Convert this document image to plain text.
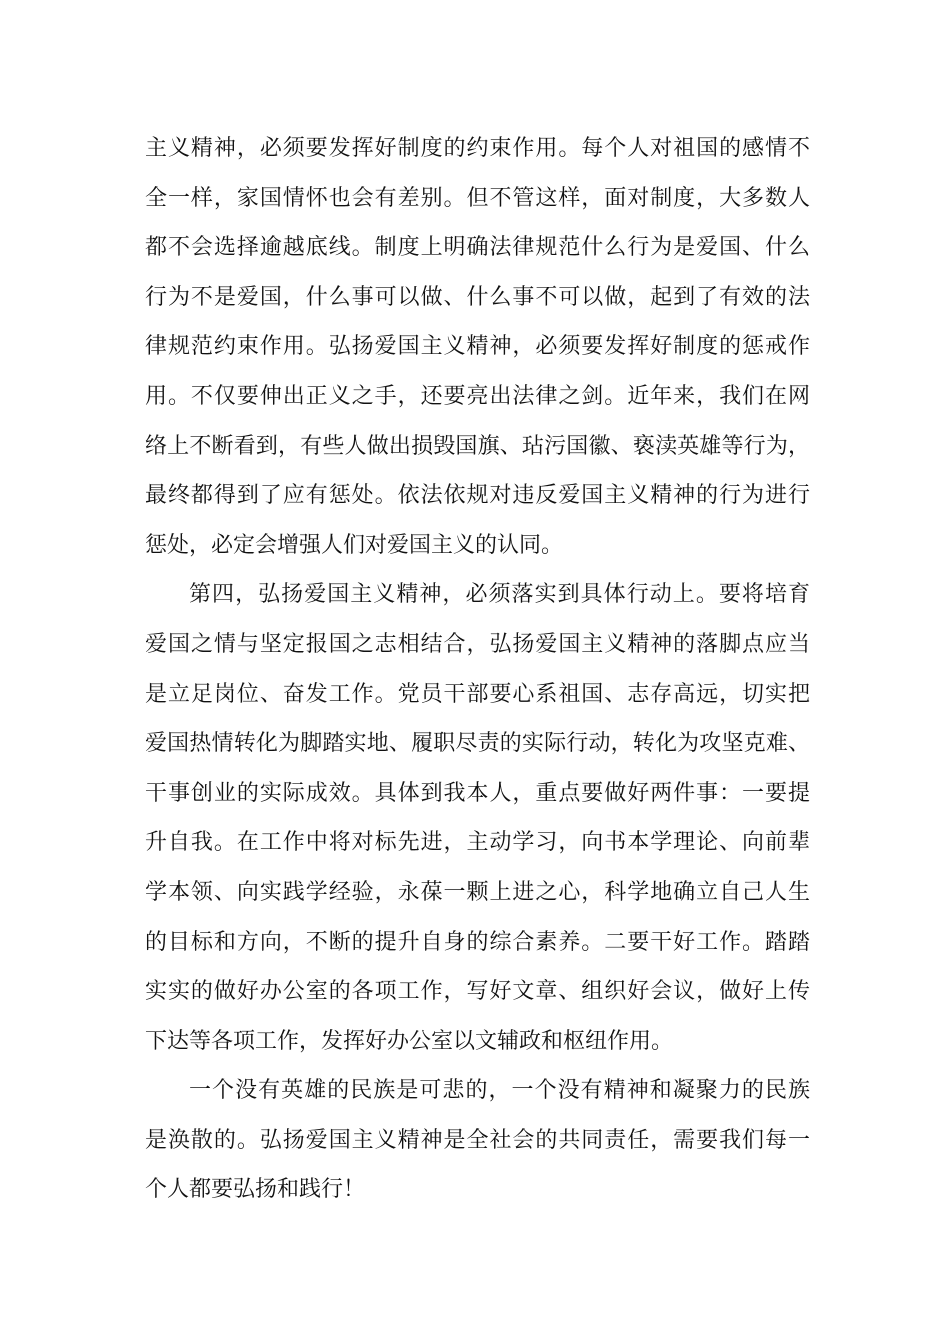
主义精神，必须要发挥好制度的约束作用。每个人对祖国的感情不
全一样，家国情怀也会有差别。但不管这样，面对制度，大多数人
都不会选择逾越底线。制度上明确法律规范什么行为是爱国、什么
行为不是爱国，什么事可以做、什么事不可以做，起到了有效的法
律规范约束作用。弘扬爱国主义精神，必须要发挥好制度的惩戒作
用。不仅要伸出正义之手，还要亮出法律之剑。近年来，我们在网
络上不断看到，有些人做出损毁国旗、玷污国徽、亵渎英雄等行为，
最终都得到了应有惩处。依法依规对违反爱国主义精神的行为进行
惩处，必定会增强人们对爱国主义的认同。
第四，弘扬爱国主义精神，必须落实到具体行动上。要将培育
爱国之情与坚定报国之志相结合，弘扬爱国主义精神的落脚点应当
是立足岗位、奋发工作。党员干部要心系祖国、志存高远，切实把
爱国热情转化为脚踏实地、履职尽责的实际行动，转化为攻坚克难、
干事创业的实际成效。具体到我本人，重点要做好两件事：一要提
升自我。在工作中将对标先进，主动学习，向书本学理论、向前辈
学本领、向实践学经验，永葆一颗上进之心，科学地确立自己人生
的目标和方向，不断的提升自身的综合素养。二要干好工作。踏踏
实实的做好办公室的各项工作，写好文章、组织好会议，做好上传
下达等各项工作，发挥好办公室以文辅政和枢纽作用。
一个没有英雄的民族是可悲的，一个没有精神和凝聚力的民族
是涣散的。弘扬爱国主义精神是全社会的共同责任，需要我们每一
个人都要弘扬和践行！
